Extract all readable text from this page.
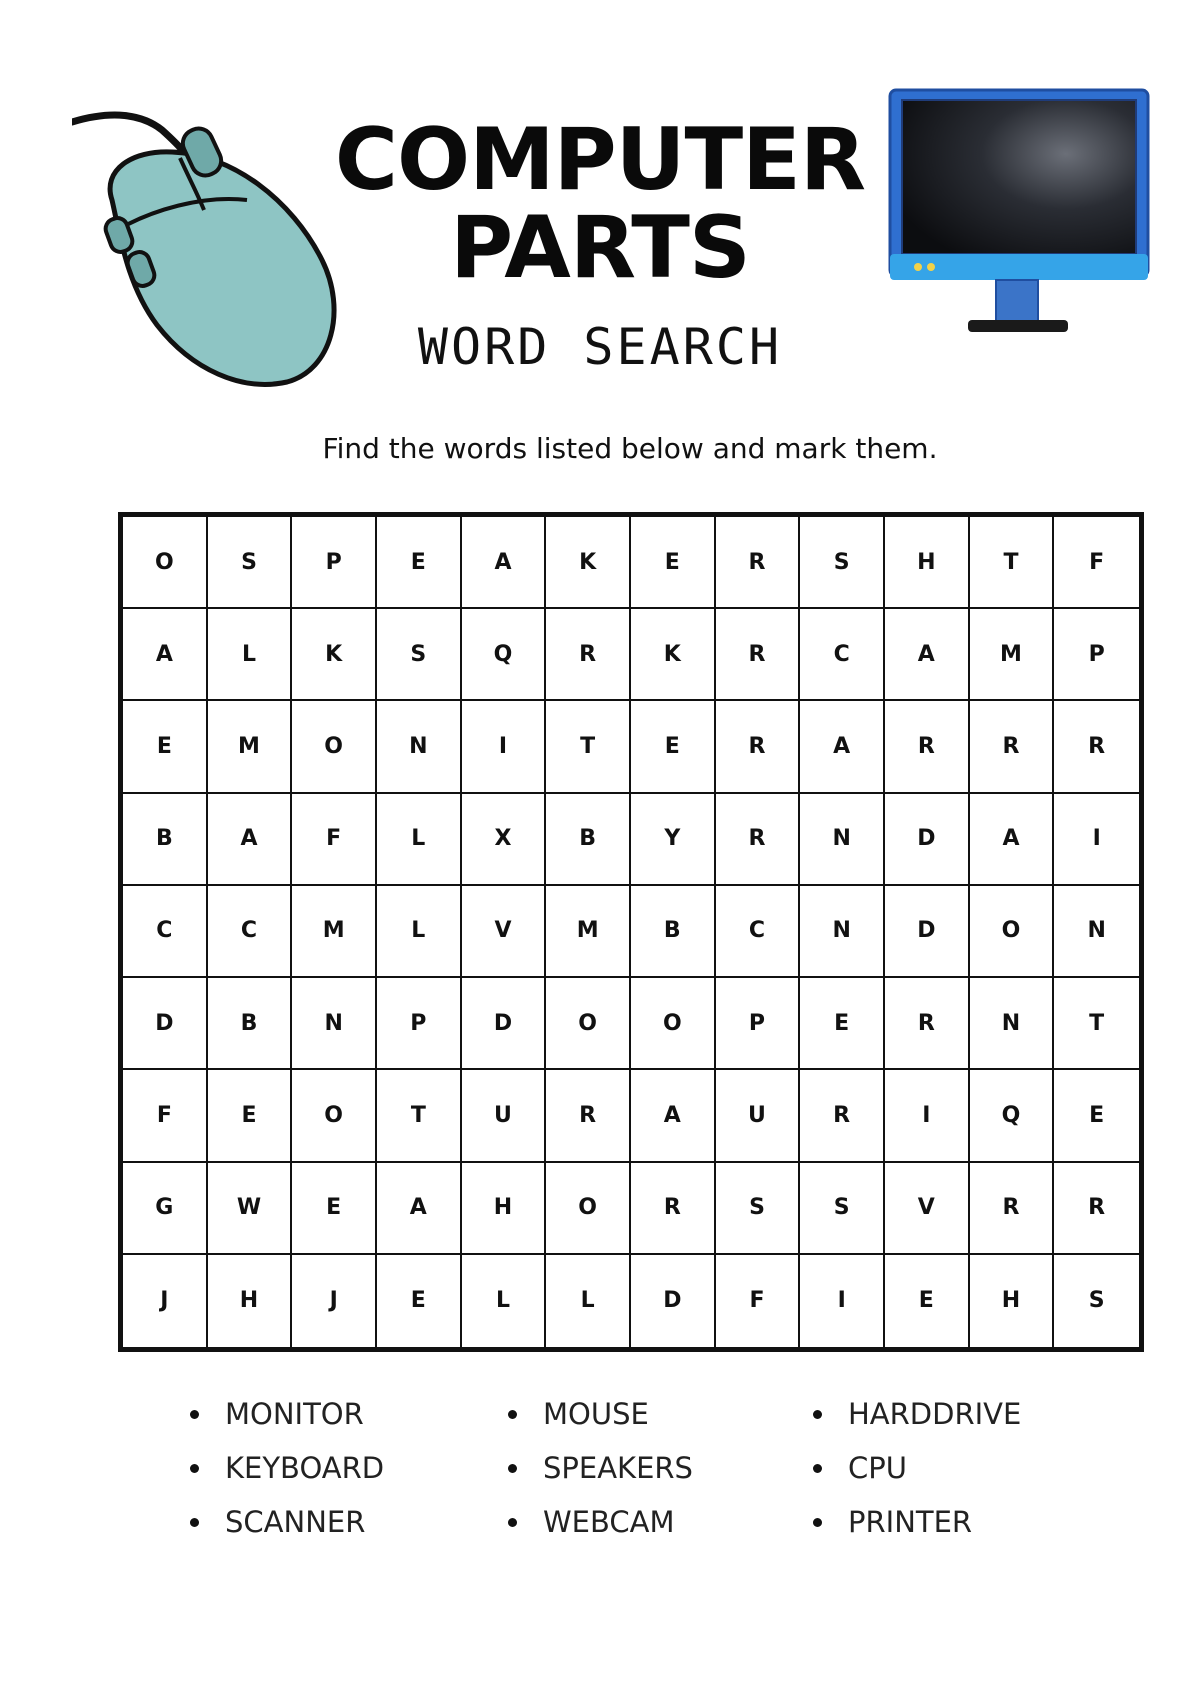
COMPUTER
PARTS
WORD SEARCH
Find the words listed below and mark them.
O	S	P	E	A	K	E	R	S	H	T	F
A	L	K	S	Q	R	K	R	C	A	M	P
E	M	O	N	I	T	E	R	A	R	R	R
B	A	F	L	X	B	Y	R	N	D	A	I
C	C	M	L	V	M	B	C	N	D	O	N
D	B	N	P	D	O	O	P	E	R	N	T
F	E	O	T	U	R	A	U	R	I	Q	E
G	W	E	A	H	O	R	S	S	V	R	R
J	H	J	E	L	L	D	F	I	E	H	S
MONITOR	MOUSE	HARDDRIVE
KEYBOARD	SPEAKERS	CPU
SCANNER	WEBCAM	PRINTER
